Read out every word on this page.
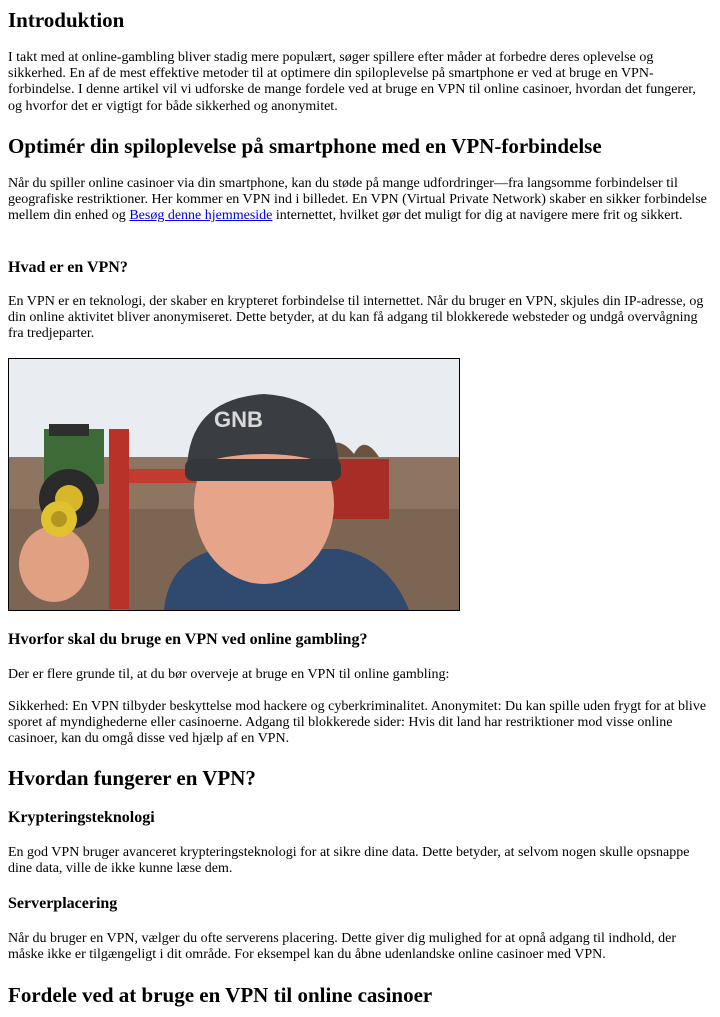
Introduktion

I takt med at online-gambling bliver stadig mere populært, søger spillere efter måder at forbedre deres oplevelse og sikkerhed. En af de mest effektive metoder til at optimere din spiloplevelse på smartphone er ved at bruge en VPN-forbindelse. I denne artikel vil vi udforske de mange fordele ved at bruge en VPN til online casinoer, hvordan det fungerer, og hvorfor det er vigtigt for både sikkerhed og anonymitet.

Optimér din spiloplevelse på smartphone med en VPN-forbindelse

Når du spiller online casinoer via din smartphone, kan du støde på mange udfordringer—fra langsomme forbindelser til geografiske restriktioner. Her kommer en VPN ind i billedet. En VPN (Virtual Private Network) skaber en sikker forbindelse mellem din enhed og Besøg denne hjemmeside internettet, hvilket gør det muligt for dig at navigere mere frit og sikkert.

Hvad er en VPN?

En VPN er en teknologi, der skaber en krypteret forbindelse til internettet. Når du bruger en VPN, skjules din IP-adresse, og din online aktivitet bliver anonymiseret. Dette betyder, at du kan få adgang til blokkerede websteder og undgå overvågning fra tredjeparter.

GNB
Hvorfor skal du bruge en VPN ved online gambling?

Der er flere grunde til, at du bør overveje at bruge en VPN til online gambling:

Sikkerhed: En VPN tilbyder beskyttelse mod hackere og cyberkriminalitet. Anonymitet: Du kan spille uden frygt for at blive sporet af myndighederne eller casinoerne. Adgang til blokkerede sider: Hvis dit land har restriktioner mod visse online casinoer, kan du omgå disse ved hjælp af en VPN.

Hvordan fungerer en VPN?
Krypteringsteknologi

En god VPN bruger avanceret krypteringsteknologi for at sikre dine data. Dette betyder, at selvom nogen skulle opsnappe dine data, ville de ikke kunne læse dem.

Serverplacering

Når du bruger en VPN, vælger du ofte serverens placering. Dette giver dig mulighed for at opnå adgang til indhold, der måske ikke er tilgængeligt i dit område. For eksempel kan du åbne udenlandske online casinoer med VPN.

Fordele ved at bruge en VPN til online casinoer
